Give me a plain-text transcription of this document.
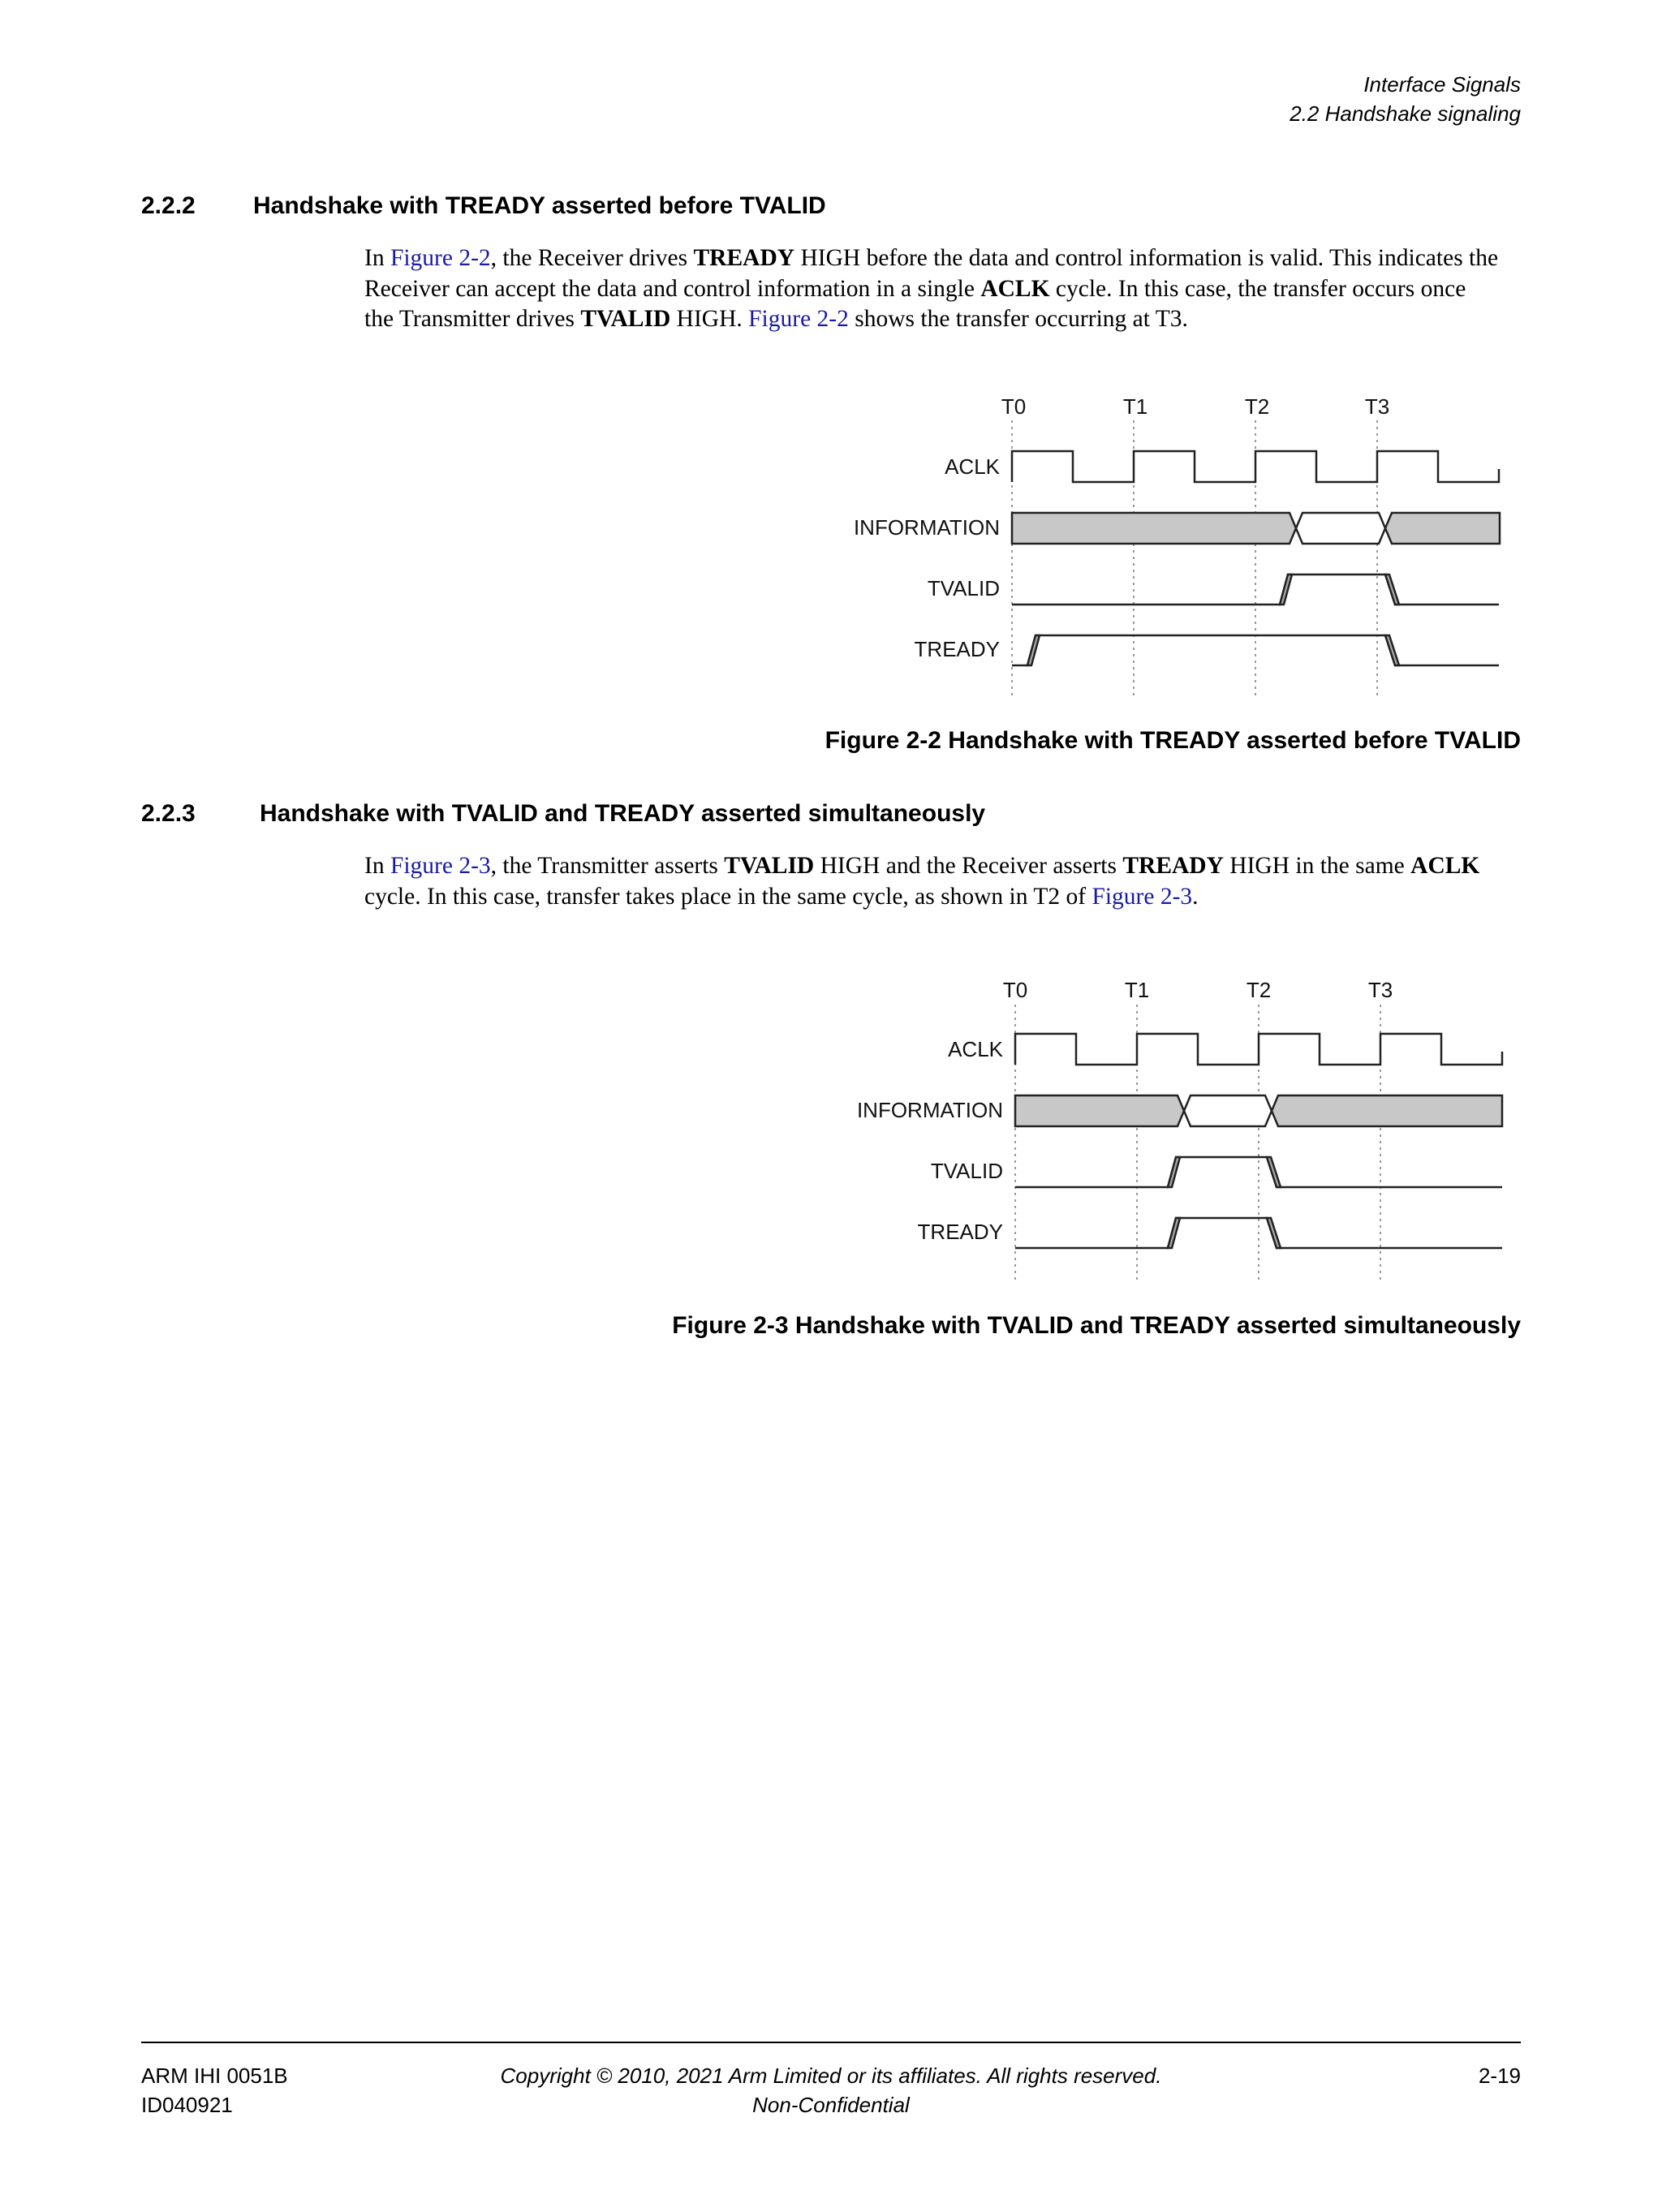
Interface Signals
2.2 Handshake signaling
2.2.2 Handshake with TREADY asserted before TVALID
In Figure 2-2, the Receiver drives TREADY HIGH before the data and control information is valid. This indicates the Receiver can accept the data and control information in a single ACLK cycle. In this case, the transfer occurs once the Transmitter drives TVALID HIGH. Figure 2-2 shows the transfer occurring at T3.
T0	T1	T2	T3
ACLK
INFORMATION
TVALID
TREADY
Figure 2-2 Handshake with TREADY asserted before TVALID
2.2.3	Handshake with TVALID and TREADY asserted simultaneously
In Figure 2-3, the Transmitter asserts TVALID HIGH and the Receiver asserts TREADY HIGH in the same ACLK cycle. In this case, transfer takes place in the same cycle, as shown in T2 of Figure 2-3.
T0	T1	T2	T3
ACLK
INFORMATION
TVALID
TREADY
Figure 2-3 Handshake with TVALID and TREADY asserted simultaneously
ARM IHI 0051B
ID040921
Copyright © 2010, 2021 Arm Limited or its affiliates. All rights reserved.
Non-Confidential
2-19
